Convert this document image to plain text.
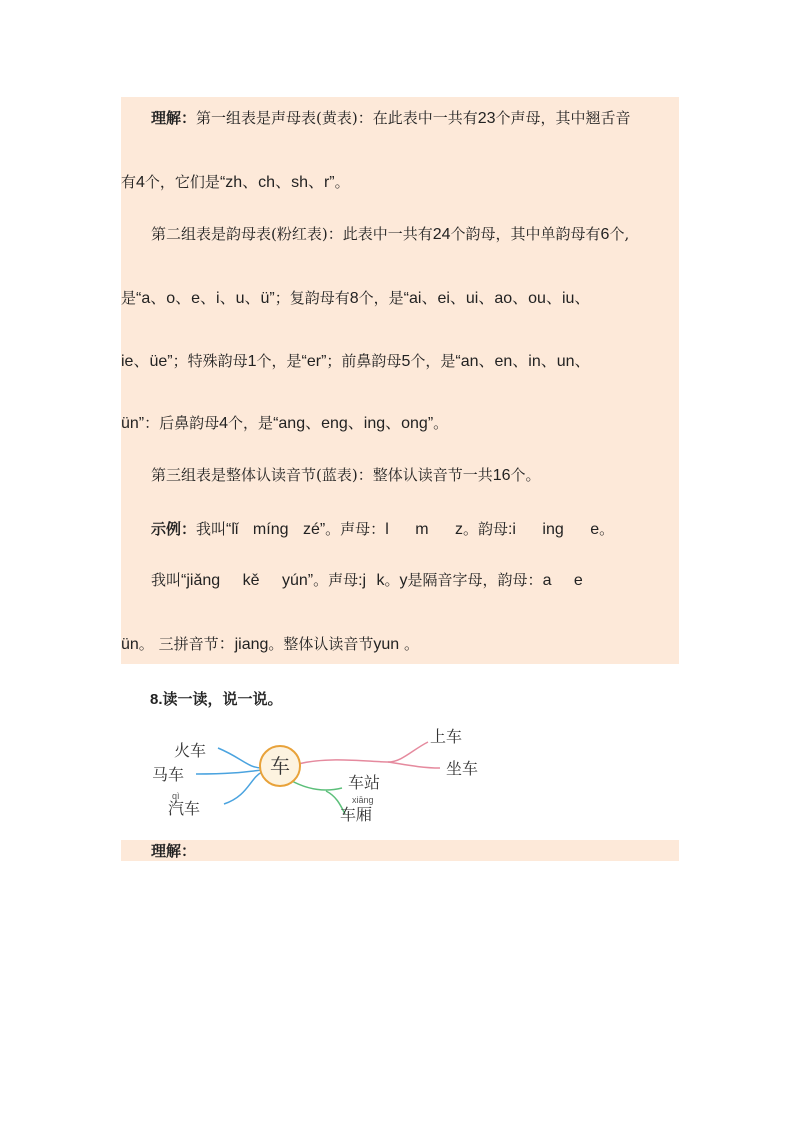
理解：第一组表是声母表(黄表)：在此表中一共有23个声母，其中翘舌音
有4个，它们是“zh、ch、sh、r”。
第二组表是韵母表(粉红表)：此表中一共有24个韵母，其中单韵母有6个,
是“a、o、e、i、u、ü”；复韵母有8个，是“ai、ei、ui、ao、ou、iu、
ie、üe”；特殊韵母1个，是“er”；前鼻韵母5个，是“an、en、in、un、
ün”：后鼻韵母4个，是“ang、eng、ing、ong”。
第三组表是整体认读音节(蓝表)：整体认读音节一共16个。
示例：我叫“lǐ míng zé”。声母：l m z。韵母:i ing e。
我叫“jiǎng kě yún”。声母:j k。y是隔音字母，韵母：a e
ün。 三拼音节：jiang。整体认读音节yun 。
8.读一读，说一说。
车
火车
马车
qì
汽车
上车
坐车
车站
xiāng
车厢
理解：
